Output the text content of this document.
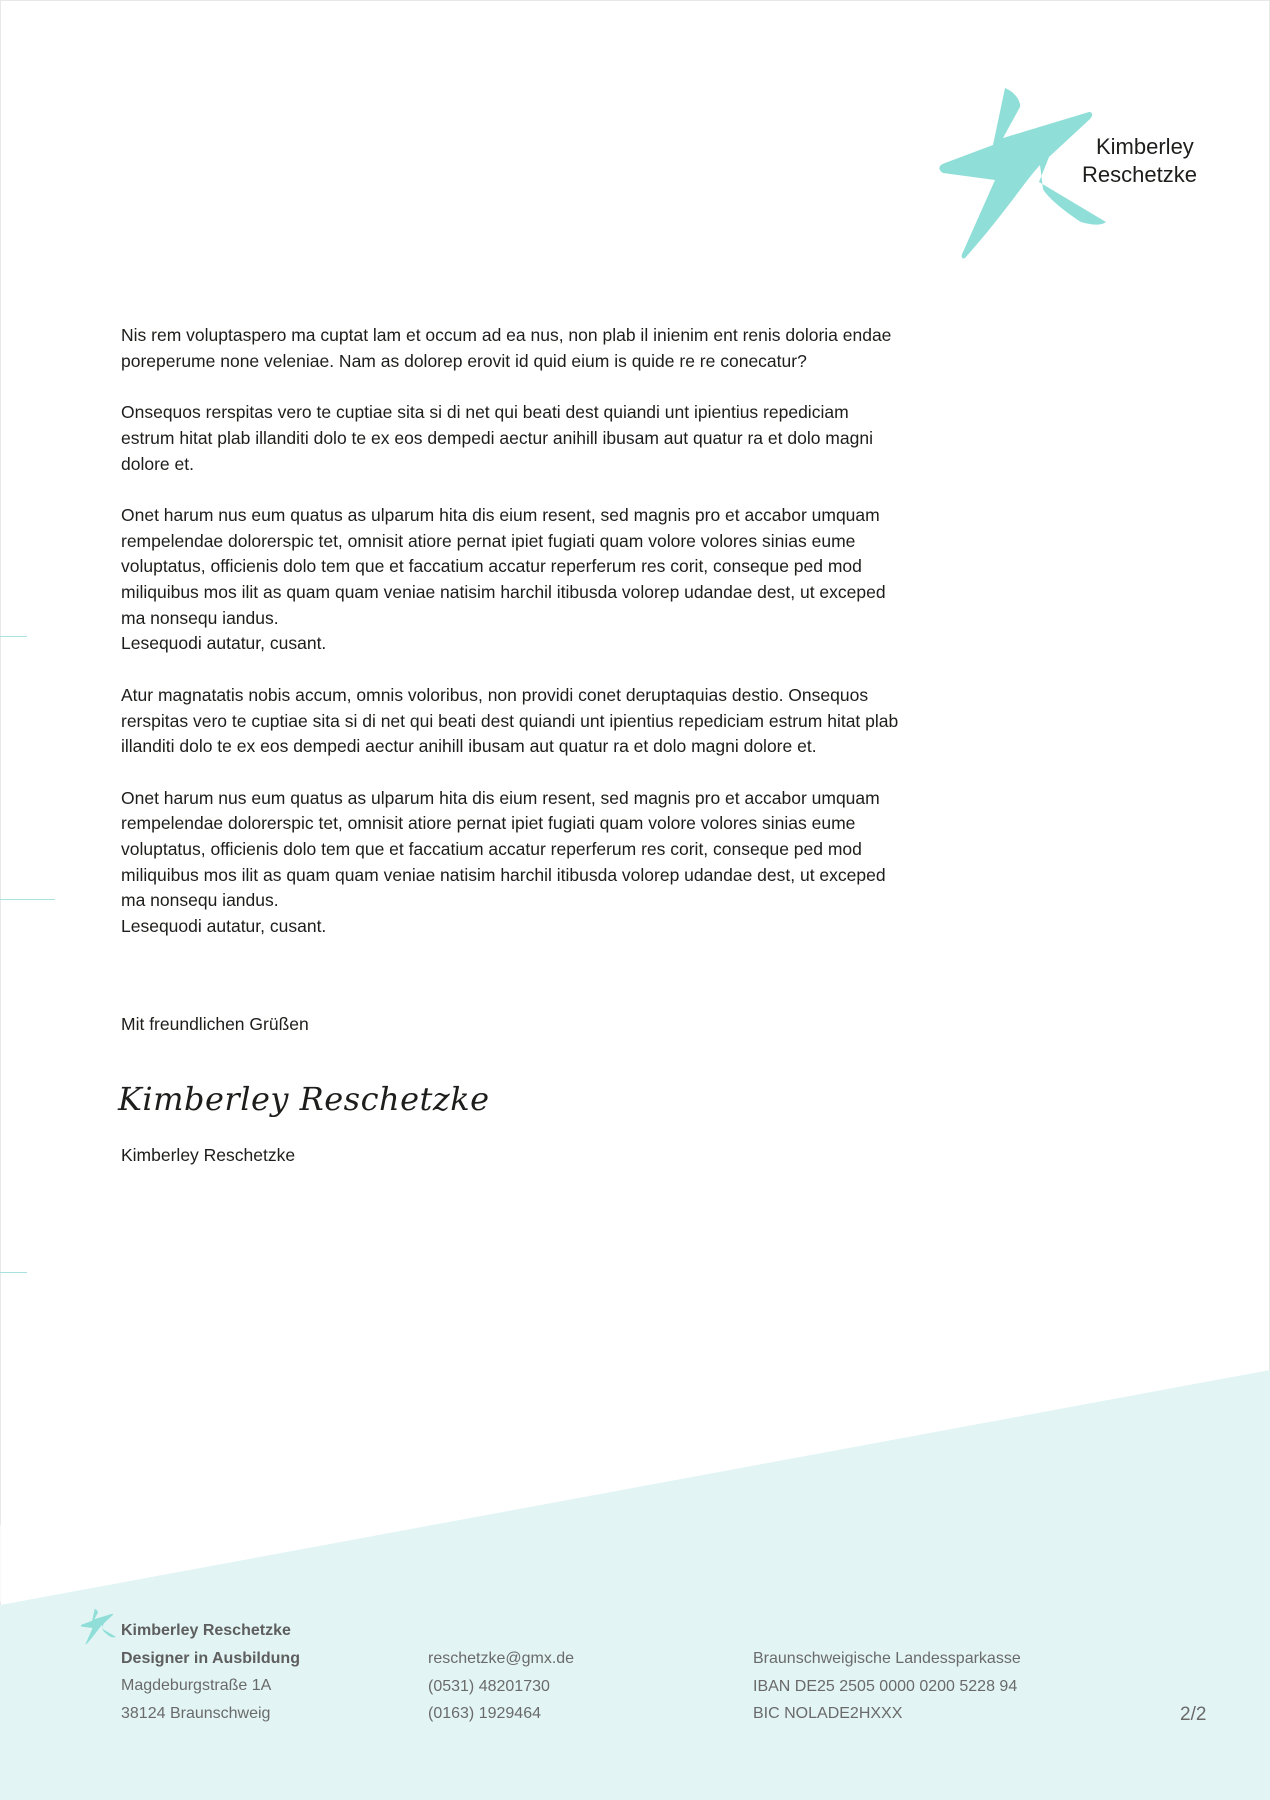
Kimberley
Reschetzke

Nis rem voluptaspero ma cuptat lam et occum ad ea nus, non plab il inienim ent renis doloria endae poreperume none veleniae. Nam as dolorep erovit id quid eium is quide re re conecatur?

Onsequos rerspitas vero te cuptiae sita si di net qui beati dest quiandi unt ipientius repediciam estrum hitat plab illanditi dolo te ex eos dempedi aectur anihill ibusam aut quatur ra et dolo magni dolore et.

Onet harum nus eum quatus as ulparum hita dis eium resent, sed magnis pro et accabor umquam rempelendae dolorerspic tet, omnisit atiore pernat ipiet fugiati quam volore volores sinias eume voluptatus, officienis dolo tem que et faccatium accatur reperferum res corit, conseque ped mod miliquibus mos ilit as quam quam veniae natisim harchil itibusda volorep udandae dest, ut exceped ma nonsequ iandus.
Lesequodi autatur, cusant.

Atur magnatatis nobis accum, omnis voloribus, non providi conet deruptaquias destio. Onsequos rerspitas vero te cuptiae sita si di net qui beati dest quiandi unt ipientius repediciam estrum hitat plab illanditi dolo te ex eos dempedi aectur anihill ibusam aut quatur ra et dolo magni dolore et.

Onet harum nus eum quatus as ulparum hita dis eium resent, sed magnis pro et accabor umquam rempelendae dolorerspic tet, omnisit atiore pernat ipiet fugiati quam volore volores sinias eume voluptatus, officienis dolo tem que et faccatium accatur reperferum res corit, conseque ped mod miliquibus mos ilit as quam quam veniae natisim harchil itibusda volorep udandae dest, ut exceped ma nonsequ iandus.
Lesequodi autatur, cusant.

Mit freundlichen Grüßen
Kimberley Reschetzke
Kimberley Reschetzke
Kimberley Reschetzke
Designer in Ausbildung
Magdeburgstraße 1A
38124 Braunschweig
reschetzke@gmx.de
(0531) 48201730
(0163) 1929464
Braunschweigische Landessparkasse
IBAN DE25 2505 0000 0200 5228 94
BIC NOLADE2HXXX	2/2
